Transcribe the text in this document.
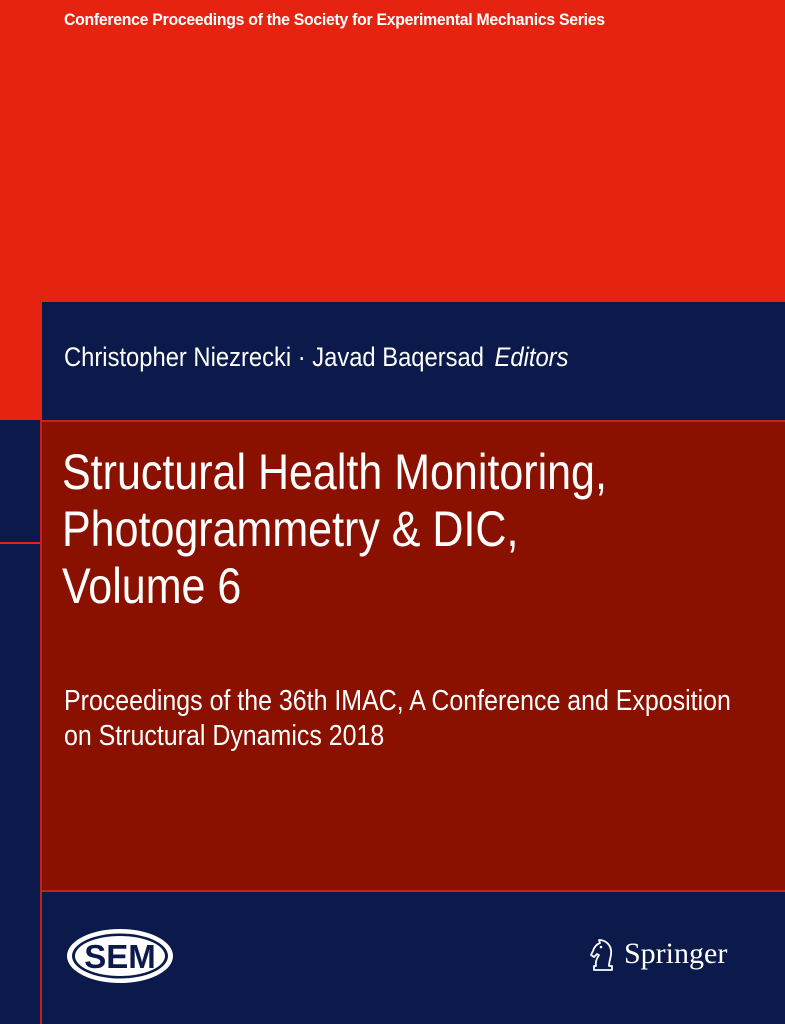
Conference Proceedings of the Society for Experimental Mechanics Series
Christopher Niezrecki · Javad Baqersad Editors
Structural Health Monitoring,
Photogrammetry & DIC,
Volume 6

Proceedings of the 36th IMAC, A Conference and Exposition
on Structural Dynamics 2018

SEM	Springer
